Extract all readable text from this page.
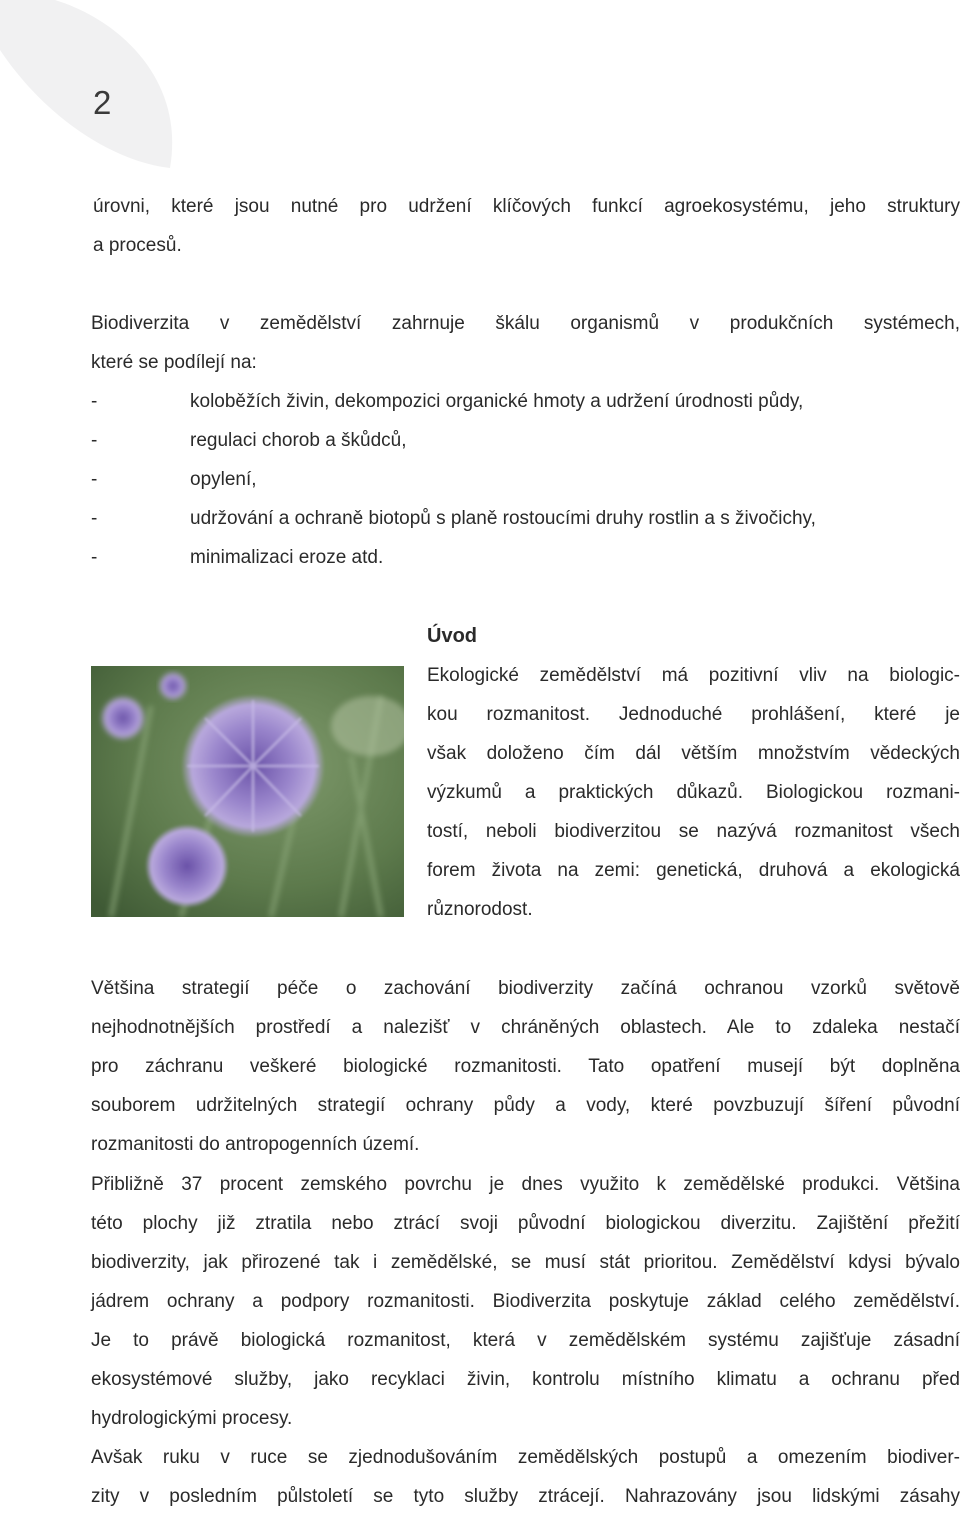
2

úrovni, které jsou nutné pro udržení klíčových funkcí agroekosystému, jeho struktury

a procesů.

Biodiverzita v zemědělství zahrnuje škálu organismů v produkčních systémech,

které se podílejí na:

-	koloběžích živin, dekompozici organické hmoty a udržení úrodnosti půdy,
-	regulaci chorob a škůdců,
-	opylení,
-	udržování a ochraně biotopů s planě rostoucími druhy rostlin a s živočichy,
-	minimalizaci eroze atd.
Úvod

Ekologické zemědělství má pozitivní vliv na biologic-

kou rozmanitost. Jednoduché prohlášení, které je

však doloženo čím dál větším množstvím vědeckých

výzkumů a praktických důkazů. Biologickou rozmani-

tostí, neboli biodiverzitou se nazývá rozmanitost všech

forem života na zemi: genetická, druhová a ekologická

různorodost.

Většina strategií péče o zachování biodiverzity začíná ochranou vzorků světově

nejhodnotnějších prostředí a nalezišť v chráněných oblastech. Ale to zdaleka nestačí

pro záchranu veškeré biologické rozmanitosti. Tato opatření musejí být doplněna

souborem udržitelných strategií ochrany půdy a vody, které povzbuzují šíření původní

rozmanitosti do antropogenních území.

Přibližně 37 procent zemského povrchu je dnes využito k zemědělské produkci. Většina

této plochy již ztratila nebo ztrácí svoji původní biologickou diverzitu. Zajištění přežití

biodiverzity, jak přirozené tak i zemědělské, se musí stát prioritou. Zemědělství kdysi bývalo

jádrem ochrany a podpory rozmanitosti. Biodiverzita poskytuje základ celého zemědělství.

Je to právě biologická rozmanitost, která v zemědělském systému zajišťuje zásadní

ekosystémové služby, jako recyklaci živin, kontrolu místního klimatu a ochranu před

hydrologickými procesy.

Avšak ruku v ruce se zjednodušováním zemědělských postupů a omezením biodiver-

zity v posledním půlstoletí se tyto služby ztrácejí. Nahrazovány jsou lidskými zásahy
